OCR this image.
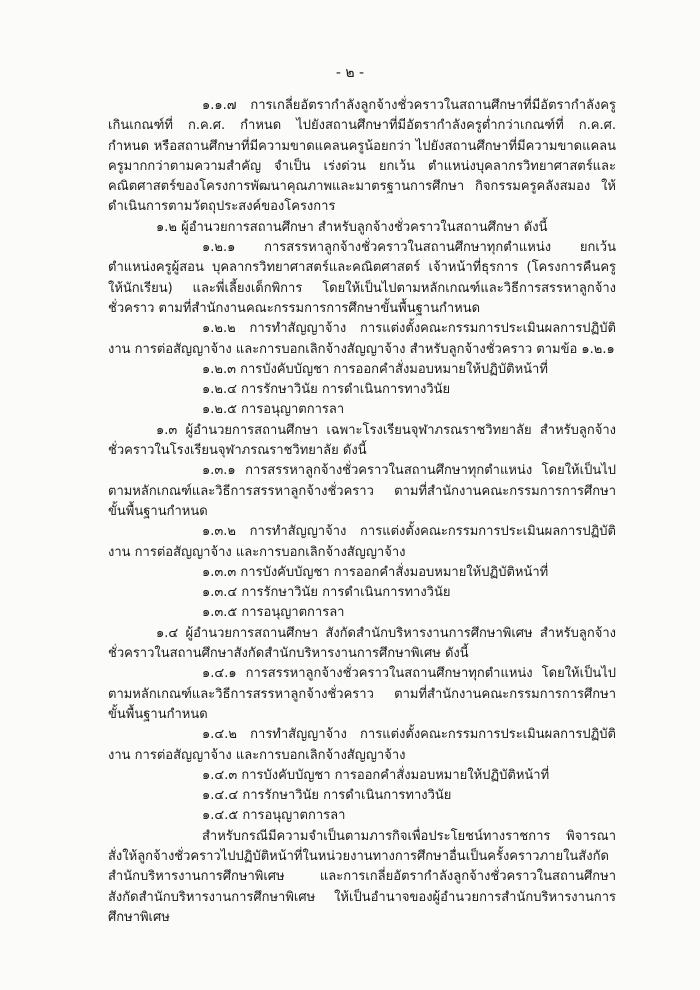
- ๒ -

๑.๑.๗ การเกลี่ยอัตรากำลังลูกจ้างชั่วคราวในสถานศึกษาที่มีอัตรากำลังครูเกินเกณฑ์ที่ ก.ค.ศ. กำหนด ไปยังสถานศึกษาที่มีอัตรากำลังครูต่ำกว่าเกณฑ์ที่ ก.ค.ศ. กำหนด หรือสถานศึกษาที่มีความขาดแคลนครูน้อยกว่า ไปยังสถานศึกษาที่มีความขาดแคลนครูมากกว่าตามความสำคัญ จำเป็น เร่งด่วน ยกเว้น ตำแหน่งบุคลากรวิทยาศาสตร์และคณิตศาสตร์ของโครงการพัฒนาคุณภาพและมาตรฐานการศึกษา กิจกรรมครูคลังสมอง ให้ดำเนินการตามวัตถุประสงค์ของโครงการ

๑.๒ ผู้อำนวยการสถานศึกษา สำหรับลูกจ้างชั่วคราวในสถานศึกษา ดังนี้

๑.๒.๑ การสรรหาลูกจ้างชั่วคราวในสถานศึกษาทุกตำแหน่ง ยกเว้น ตำแหน่งครูผู้สอน บุคลากรวิทยาศาสตร์และคณิตศาสตร์ เจ้าหน้าที่ธุรการ (โครงการคืนครูให้นักเรียน) และพี่เลี้ยงเด็กพิการ โดยให้เป็นไปตามหลักเกณฑ์และวิธีการสรรหาลูกจ้างชั่วคราว ตามที่สำนักงานคณะกรรมการการศึกษาขั้นพื้นฐานกำหนด

๑.๒.๒ การทำสัญญาจ้าง การแต่งตั้งคณะกรรมการประเมินผลการปฏิบัติงาน การต่อสัญญาจ้าง และการบอกเลิกจ้างสัญญาจ้าง สำหรับลูกจ้างชั่วคราว ตามข้อ ๑.๒.๑

๑.๒.๓ การบังคับบัญชา การออกคำสั่งมอบหมายให้ปฏิบัติหน้าที่

๑.๒.๔ การรักษาวินัย การดำเนินการทางวินัย

๑.๒.๕ การอนุญาตการลา

๑.๓ ผู้อำนวยการสถานศึกษา เฉพาะโรงเรียนจุฬาภรณราชวิทยาลัย สำหรับลูกจ้างชั่วคราวในโรงเรียนจุฬาภรณราชวิทยาลัย ดังนี้

๑.๓.๑ การสรรหาลูกจ้างชั่วคราวในสถานศึกษาทุกตำแหน่ง โดยให้เป็นไปตามหลักเกณฑ์และวิธีการสรรหาลูกจ้างชั่วคราว ตามที่สำนักงานคณะกรรมการการศึกษาขั้นพื้นฐานกำหนด

๑.๓.๒ การทำสัญญาจ้าง การแต่งตั้งคณะกรรมการประเมินผลการปฏิบัติงาน การต่อสัญญาจ้าง และการบอกเลิกจ้างสัญญาจ้าง

๑.๓.๓ การบังคับบัญชา การออกคำสั่งมอบหมายให้ปฏิบัติหน้าที่

๑.๓.๔ การรักษาวินัย การดำเนินการทางวินัย

๑.๓.๕ การอนุญาตการลา

๑.๔ ผู้อำนวยการสถานศึกษา สังกัดสำนักบริหารงานการศึกษาพิเศษ สำหรับลูกจ้างชั่วคราวในสถานศึกษาสังกัดสำนักบริหารงานการศึกษาพิเศษ ดังนี้

๑.๔.๑ การสรรหาลูกจ้างชั่วคราวในสถานศึกษาทุกตำแหน่ง โดยให้เป็นไปตามหลักเกณฑ์และวิธีการสรรหาลูกจ้างชั่วคราว ตามที่สำนักงานคณะกรรมการการศึกษาขั้นพื้นฐานกำหนด

๑.๔.๒ การทำสัญญาจ้าง การแต่งตั้งคณะกรรมการประเมินผลการปฏิบัติงาน การต่อสัญญาจ้าง และการบอกเลิกจ้างสัญญาจ้าง

๑.๔.๓ การบังคับบัญชา การออกคำสั่งมอบหมายให้ปฏิบัติหน้าที่

๑.๔.๔ การรักษาวินัย การดำเนินการทางวินัย

๑.๔.๕ การอนุญาตการลา

สำหรับกรณีมีความจำเป็นตามภารกิจเพื่อประโยชน์ทางราชการ พิจารณาสั่งให้ลูกจ้างชั่วคราวไปปฏิบัติหน้าที่ในหน่วยงานทางการศึกษาอื่นเป็นครั้งคราวภายในสังกัดสำนักบริหารงานการศึกษาพิเศษ และการเกลี่ยอัตรากำลังลูกจ้างชั่วคราวในสถานศึกษา สังกัดสำนักบริหารงานการศึกษาพิเศษ ให้เป็นอำนาจของผู้อำนวยการสำนักบริหารงานการศึกษาพิเศษ
